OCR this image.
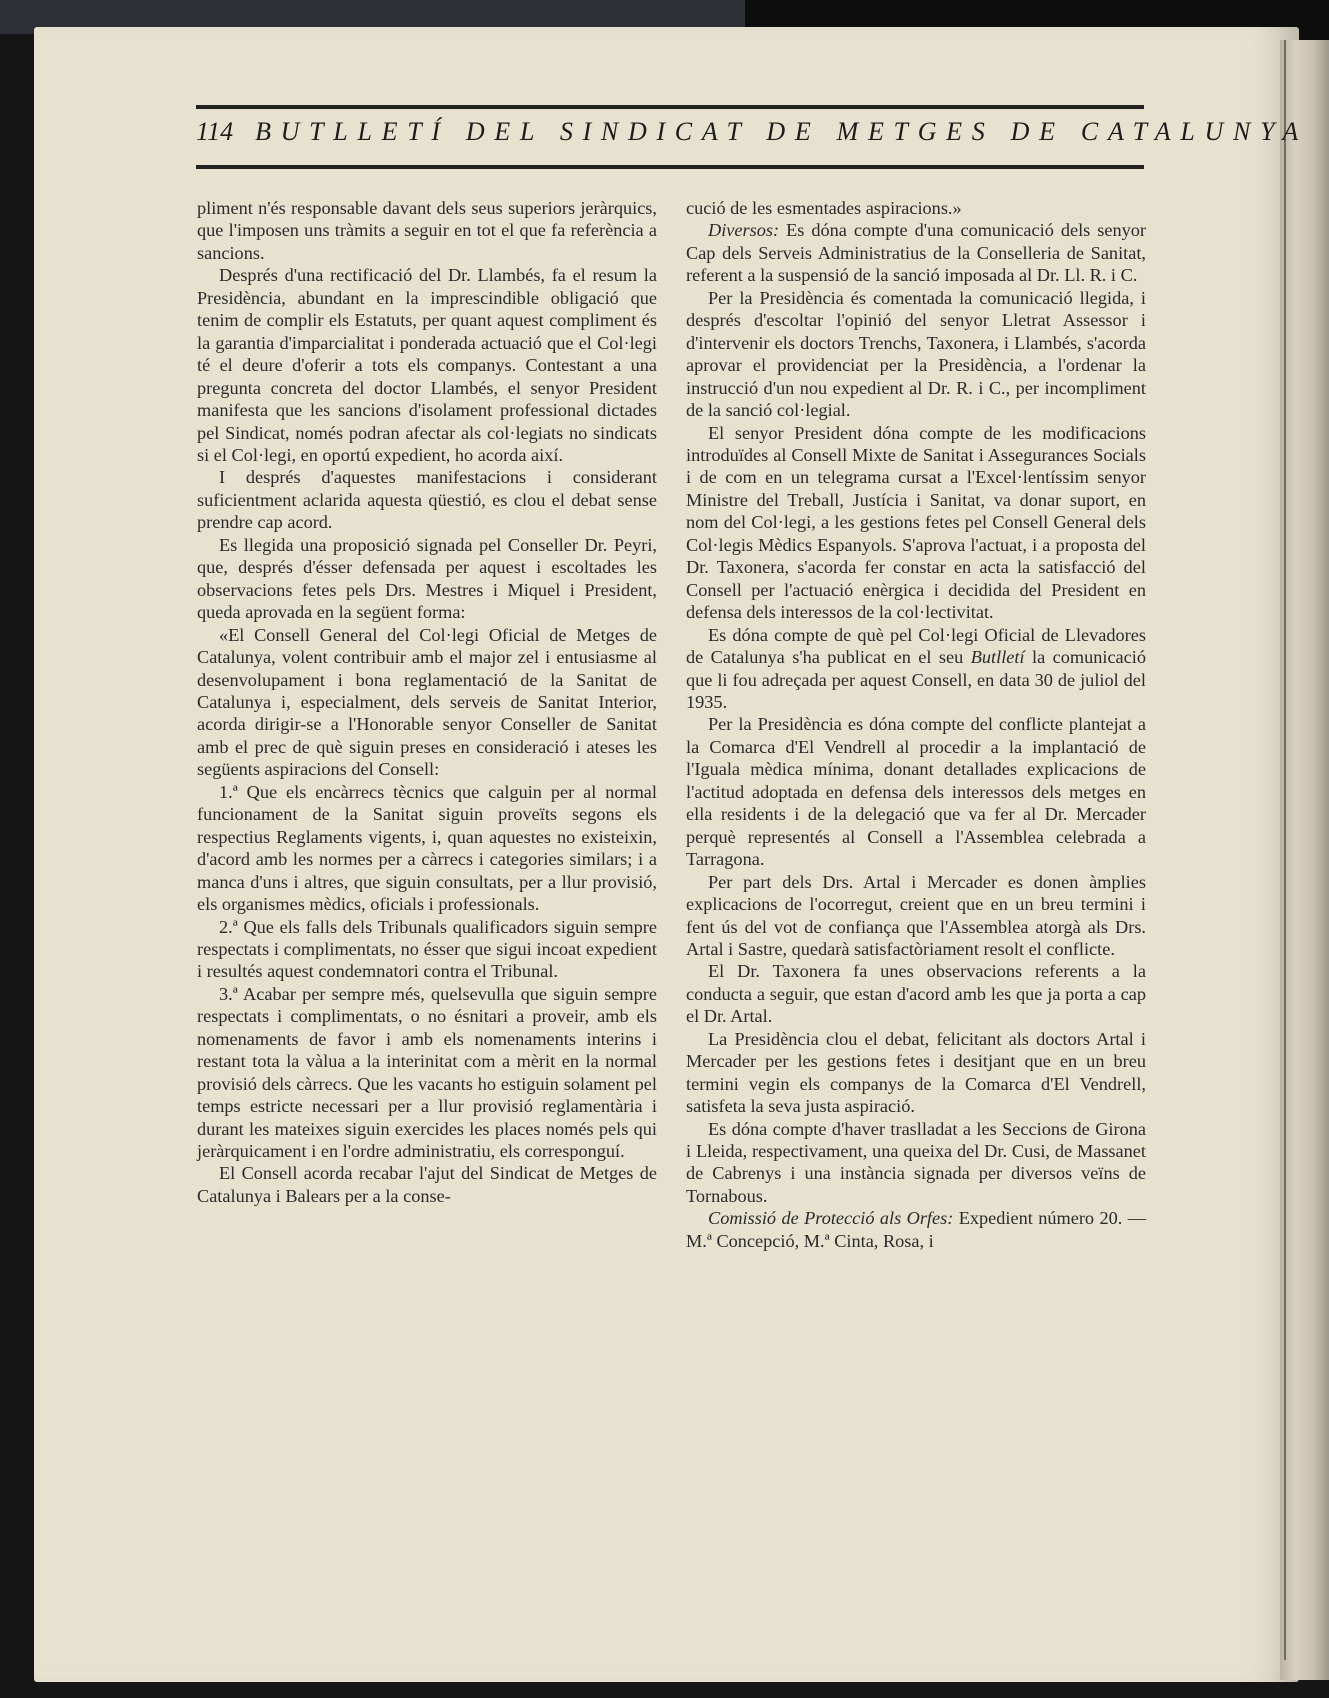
114 BUTLLETÍ DEL SINDICAT DE METGES DE CATALUNYA

pliment n'és responsable davant dels seus superiors jeràrquics, que l'imposen uns tràmits a seguir en tot el que fa referència a sancions.

Després d'una rectificació del Dr. Llambés, fa el resum la Presidència, abundant en la imprescindible obligació que tenim de complir els Estatuts, per quant aquest compliment és la garantia d'imparcialitat i ponderada actuació que el Col·legi té el deure d'oferir a tots els companys. Contestant a una pregunta concreta del doctor Llambés, el senyor President manifesta que les sancions d'isolament professional dictades pel Sindicat, només podran afectar als col·legiats no sindicats si el Col·legi, en oportú expedient, ho acorda així.

I després d'aquestes manifestacions i considerant suficientment aclarida aquesta qüestió, es clou el debat sense prendre cap acord.

Es llegida una proposició signada pel Conseller Dr. Peyri, que, després d'ésser defensada per aquest i escoltades les observacions fetes pels Drs. Mestres i Miquel i President, queda aprovada en la següent forma:

«El Consell General del Col·legi Oficial de Metges de Catalunya, volent contribuir amb el major zel i entusiasme al desenvolupament i bona reglamentació de la Sanitat de Catalunya i, especialment, dels serveis de Sanitat Interior, acorda dirigir-se a l'Honorable senyor Conseller de Sanitat amb el prec de què siguin preses en consideració i ateses les següents aspiracions del Consell:

1.ª Que els encàrrecs tècnics que calguin per al normal funcionament de la Sanitat siguin proveïts segons els respectius Reglaments vigents, i, quan aquestes no existeixin, d'acord amb les normes per a càrrecs i categories similars; i a manca d'uns i altres, que siguin consultats, per a llur provisió, els organismes mèdics, oficials i professionals.

2.ª Que els falls dels Tribunals qualificadors siguin sempre respectats i complimentats, no ésser que sigui incoat expedient i resultés aquest condemnatori contra el Tribunal.

3.ª Acabar per sempre més, quelsevulla que siguin sempre respectats i complimentats, o no ésnitari a proveir, amb els nomenaments de favor i amb els nomenaments interins i restant tota la vàlua a la interinitat com a mèrit en la normal provisió dels càrrecs. Que les vacants ho estiguin solament pel temps estricte necessari per a llur provisió reglamentària i durant les mateixes siguin exercides les places només pels qui jeràrquicament i en l'ordre administratiu, els corresponguí.

El Consell acorda recabar l'ajut del Sindicat de Metges de Catalunya i Balears per a la conse-

cució de les esmentades aspiracions.»

Diversos: Es dóna compte d'una comunicació dels senyor Cap dels Serveis Administratius de la Conselleria de Sanitat, referent a la suspensió de la sanció imposada al Dr. Ll. R. i C.

Per la Presidència és comentada la comunicació llegida, i després d'escoltar l'opinió del senyor Lletrat Assessor i d'intervenir els doctors Trenchs, Taxonera, i Llambés, s'acorda aprovar el providenciat per la Presidència, a l'ordenar la instrucció d'un nou expedient al Dr. R. i C., per incompliment de la sanció col·legial.

El senyor President dóna compte de les modificacions introduïdes al Consell Mixte de Sanitat i Assegurances Socials i de com en un telegrama cursat a l'Excel·lentíssim senyor Ministre del Treball, Justícia i Sanitat, va donar suport, en nom del Col·legi, a les gestions fetes pel Consell General dels Col·legis Mèdics Espanyols. S'aprova l'actuat, i a proposta del Dr. Taxonera, s'acorda fer constar en acta la satisfacció del Consell per l'actuació enèrgica i decidida del President en defensa dels interessos de la col·lectivitat.

Es dóna compte de què pel Col·legi Oficial de Llevadores de Catalunya s'ha publicat en el seu Butlletí la comunicació que li fou adreçada per aquest Consell, en data 30 de juliol del 1935.

Per la Presidència es dóna compte del conflicte plantejat a la Comarca d'El Vendrell al procedir a la implantació de l'Iguala mèdica mínima, donant detallades explicacions de l'actitud adoptada en defensa dels interessos dels metges en ella residents i de la delegació que va fer al Dr. Mercader perquè representés al Consell a l'Assemblea celebrada a Tarragona.

Per part dels Drs. Artal i Mercader es donen àmplies explicacions de l'ocorregut, creient que en un breu termini i fent ús del vot de confiança que l'Assemblea atorgà als Drs. Artal i Sastre, quedarà satisfactòriament resolt el conflicte.

El Dr. Taxonera fa unes observacions referents a la conducta a seguir, que estan d'acord amb les que ja porta a cap el Dr. Artal.

La Presidència clou el debat, felicitant als doctors Artal i Mercader per les gestions fetes i desitjant que en un breu termini vegin els companys de la Comarca d'El Vendrell, satisfeta la seva justa aspiració.

Es dóna compte d'haver traslladat a les Seccions de Girona i Lleida, respectivament, una queixa del Dr. Cusi, de Massanet de Cabrenys i una instància signada per diversos veïns de Tornabous.

Comissió de Protecció als Orfes: Expedient número 20. — M.ª Concepció, M.ª Cinta, Rosa, i
